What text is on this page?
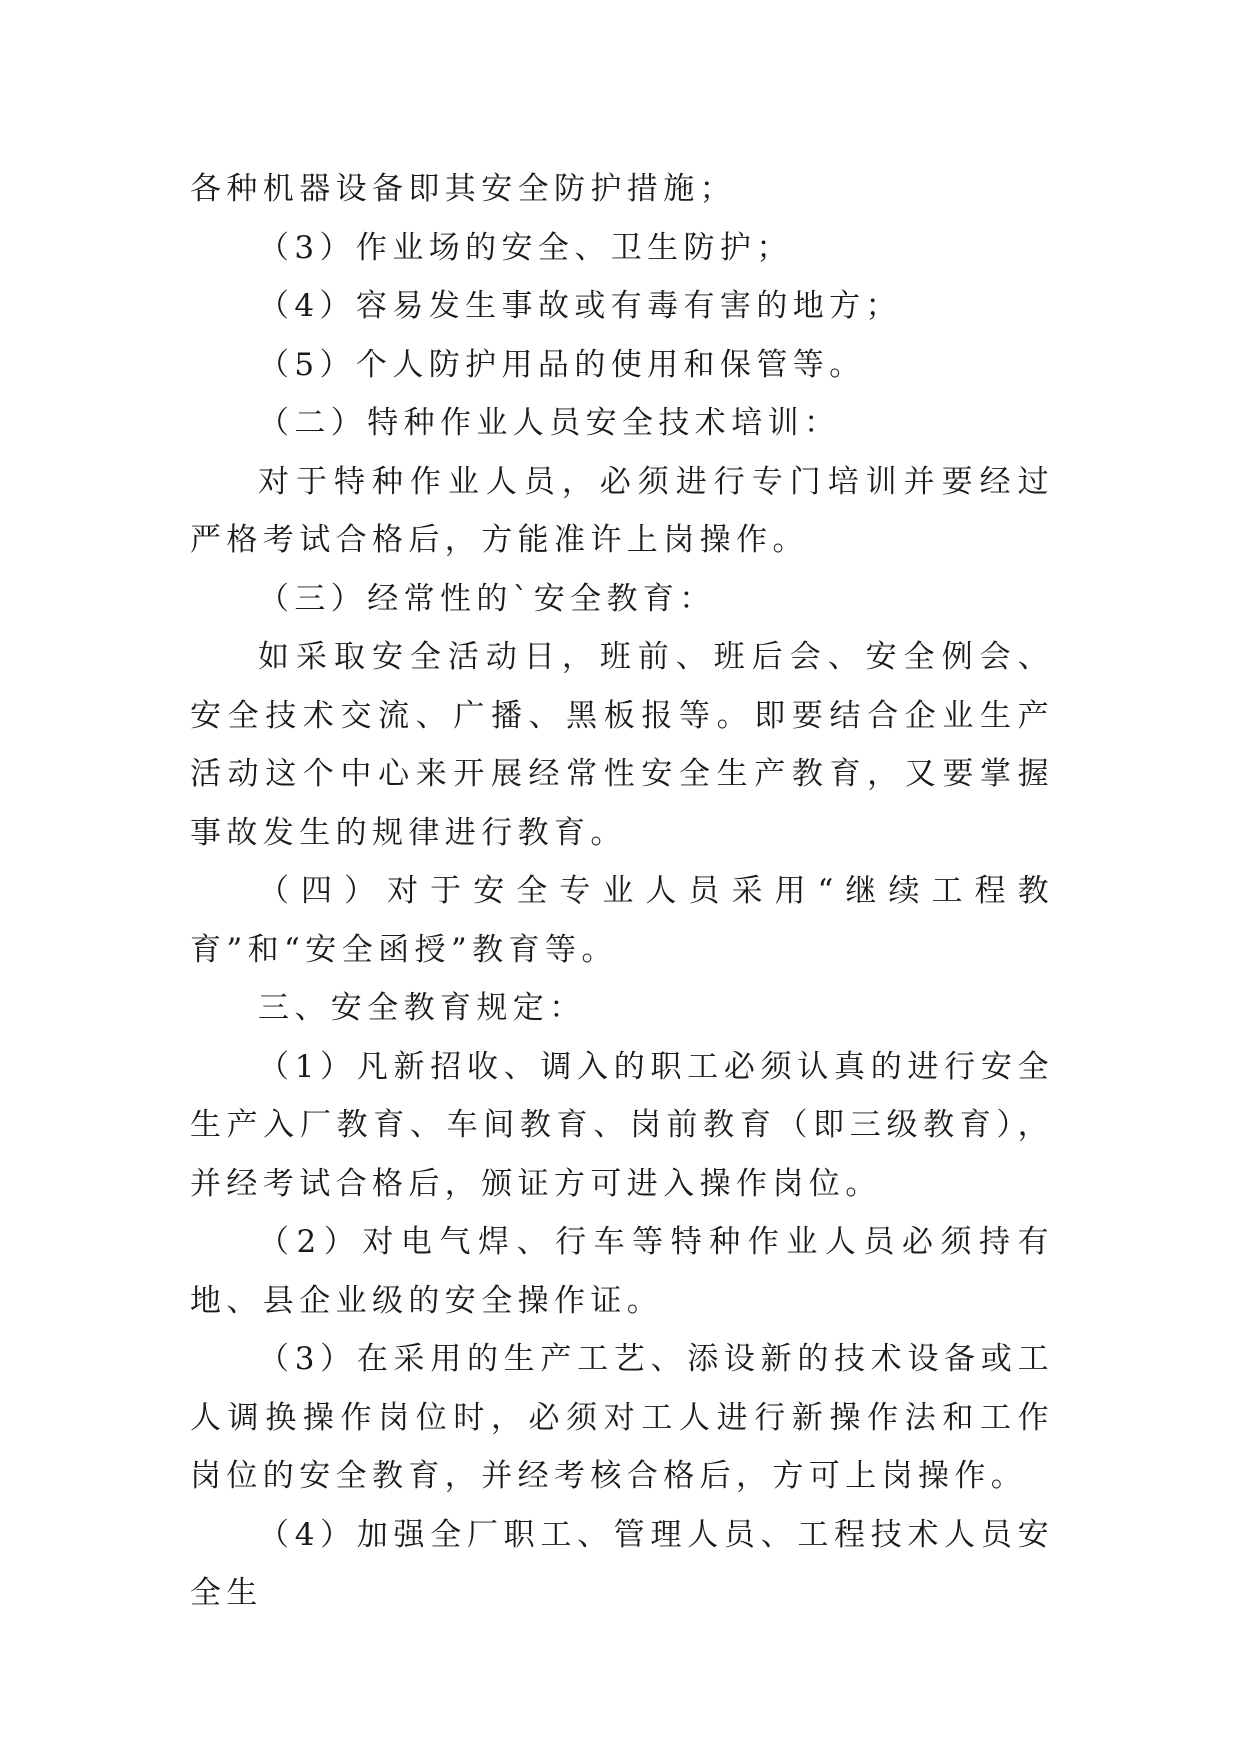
各种机器设备即其安全防护措施；

（3）作业场的安全、卫生防护；

（4）容易发生事故或有毒有害的地方；

（5）个人防护用品的使用和保管等。

（二）特种作业人员安全技术培训：

对于特种作业人员，必须进行专门培训并要经过严格考试合格后，方能准许上岗操作。

（三）经常性的`安全教育：

如采取安全活动日，班前、班后会、安全例会、安全技术交流、广播、黑板报等。即要结合企业生产活动这个中心来开展经常性安全生产教育，又要掌握事故发生的规律进行教育。

（四）对于安全专业人员采用“继续工程教育”和“安全函授”教育等。

三、安全教育规定：

（1）凡新招收、调入的职工必须认真的进行安全生产入厂教育、车间教育、岗前教育（即三级教育），并经考试合格后，颁证方可进入操作岗位。

（2）对电气焊、行车等特种作业人员必须持有地、县企业级的安全操作证。

（3）在采用的生产工艺、添设新的技术设备或工人调换操作岗位时，必须对工人进行新操作法和工作岗位的安全教育，并经考核合格后，方可上岗操作。

（4）加强全厂职工、管理人员、工程技术人员安全生
